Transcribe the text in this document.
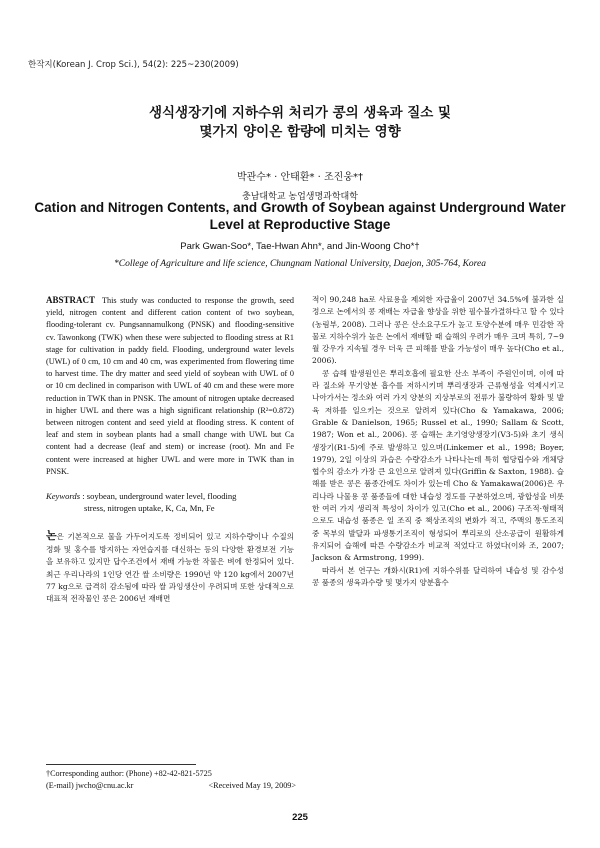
한작지(Korean J. Crop Sci.), 54(2): 225~230(2009)
생식생장기에 지하수위 처리가 콩의 생육과 질소 및
몇가지 양이온 함량에 미치는 영향
박관수* · 안태환* · 조진웅*†
충남대학교 농업생명과학대학
Cation and Nitrogen Contents, and Growth of Soybean against Underground Water
Level at Reproductive Stage
Park Gwan-Soo*, Tae-Hwan Ahn*, and Jin-Woong Cho*†
*College of Agriculture and life science, Chungnam National University, Daejon, 305-764, Korea
ABSTRACT This study was conducted to response the growth, seed yield, nitrogen content and different cation content of two soybean, flooding-tolerant cv. Pungsannamulkong (PNSK) and flooding-sensitive cv. Tawonkong (TWK) when these were subjected to flooding stress at R1 stage for cultivation in paddy field. Flooding, underground water levels (UWL) of 0 cm, 10 cm and 40 cm, was experimented from flowering time to harvest time. The dry matter and seed yield of soybean with UWL of 0 or 10 cm declined in comparison with UWL of 40 cm and these were more reduction in TWK than in PNSK. The amount of nitrogen uptake decreased in higher UWL and there was a high significant relationship (R²=0.872) between nitrogen content and seed yield at flooding stress. K content of leaf and stem in soybean plants had a small change with UWL but Ca content had a decrease (leaf and stem) or increase (root). Mn and Fe content were increased at higher UWL and were more in TWK than in PNSK.
Keywords : soybean, underground water level, flooding
stress, nitrogen uptake, K, Ca, Mn, Fe
논은 기본적으로 물을 가두어지도록 정비되어 있고 지하수량이나 수질의 정화 및 홍수를 방지하는 자연습지를 대신하는 등의 다양한 환경보전 기능을 보유하고 있지만 답수조건에서 재배 가능한 작물은 벼에 한정되어 있다. 최근 우리나라의 1인당 연간 쌀 소비량은 1990년 약 120 kg에서 2007년 77 kg으로 급격히 감소됨에 따라 쌀 과잉생산이 우려되며 또한 상대적으로 대표적 전작물인 콩은 2006년 재배면

적이 90,248 ha로 사료용을 제외한 자급율이 2007년 34.5%에 불과한 실정으로 논에서의 콩 재배는 자급율 향상을 위한 필수불가결하다고 할 수 있다(농림부, 2008). 그러나 콩은 산소요구도가 높고 토양수분에 매우 민감한 작물로 지하수위가 높은 논에서 재배할 때 습해의 우려가 매우 크며 특히, 7~9월 강우가 지속될 경우 더욱 큰 피해를 받을 가능성이 매우 높다(Cho et al., 2006).

콩 습해 발생원인은 뿌리호흡에 필요한 산소 부족이 주원인이며, 이에 따라 질소와 무기양분 흡수를 저하시키며 뿌리생장과 근류형성을 억제시키고 나아가서는 정소와 여러 가지 양분의 지상부로의 전류가 불량하여 황화 및 발육 저하를 일으키는 것으로 알려져 있다(Cho & Yamakawa, 2006; Grable & Danielson, 1965; Russel et al., 1990; Sallam & Scott, 1987; Won et al., 2006). 콩 습해는 초기영양생장기(V3-5)와 초기 생식생장기(R1-5)에 주로 발생하고 있으며(Linkemer et al., 1998; Boyer, 1979), 2일 이상의 과습은 수량감소가 나타나는데 특히 협당립수와 개체당 협수의 감소가 가장 큰 요인으로 알려져 있다(Griffin & Saxton, 1988). 습해를 받은 콩은 품종간에도 차이가 있는데 Cho & Yamakawa(2006)은 우리나라 나물용 콩 품종들에 대한 내습성 정도를 구분하였으며, 광합성을 비롯한 여러 가지 생리적 특성이 차이가 있고(Cho et al., 2006) 구조적·형태적으로도 내습성 품종은 일 조직 중 책상조직의 변화가 적고, 주맥의 통도조직 중 목부의 발달과 파생통기조직이 형성되어 뿌리로의 산소공급이 원활하게 유지되어 습해에 따른 수량감소가 비교적 적었다고 하였다(이와 조, 2007; Jackson & Armstrong, 1999).

따라서 본 연구는 개화시(R1)에 지하수위를 달리하여 내습성 및 감수성 콩 품종의 생육과수량 및 몇가지 양분흡수

†Corresponding author: (Phone) +82-42-821-5725
(E-mail) jwcho@cnu.ac.kr	<Received May 19, 2009>
225
